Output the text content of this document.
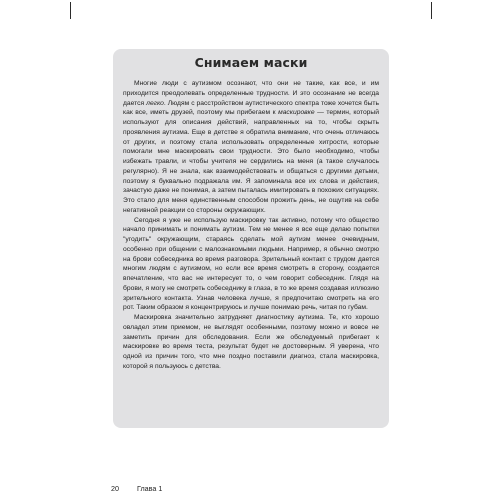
Снимаем маски

Многие люди с аутизмом осознают, что они не такие, как все, и им приходится преодолевать определенные трудности. И это осознание не всегда дается легко. Людям с расстройством аутистического спектра тоже хочется быть как все, иметь друзей, поэтому мы прибегаем к маскировке — термин, который используют для описания действий, направленных на то, чтобы скрыть проявления аутизма. Еще в детстве я обратила внимание, что очень отличаюсь от других, и поэтому стала использовать определенные хитрости, которые помогали мне маскировать свои трудности. Это было необходимо, чтобы избежать травли, и чтобы учителя не сердились на меня (а такое случалось регулярно). Я не знала, как взаимодействовать и общаться с другими детьми, поэтому я буквально подражала им. Я запоминала все их слова и действия, зачастую даже не понимая, а затем пыталась имитировать в похожих ситуациях. Это стало для меня единственным способом прожить день, не ощутив на себе негативной реакции со стороны окружающих.

Сегодня я уже не использую маскировку так активно, потому что общество начало принимать и понимать аутизм. Тем не менее я все еще делаю попытки "угодить" окружающим, стараясь сделать мой аутизм менее очевидным, особенно при общении с малознакомыми людьми. Например, я обычно смотрю на брови собеседника во время разговора. Зрительный контакт с трудом дается многим людям с аутизмом, но если все время смотреть в сторону, создается впечатление, что вас не интересует то, о чем говорит собеседник. Глядя на брови, я могу не смотреть собеседнику в глаза, в то же время создавая иллюзию зрительного контакта. Узнав человека лучше, я предпочитаю смотреть на его рот. Таким образом я концентрируюсь и лучше понимаю речь, читая по губам.

Маскировка значительно затрудняет диагностику аутизма. Те, кто хорошо овладел этим приемом, не выглядят особенными, поэтому можно и вовсе не заметить причин для обследования. Если же обследуемый прибегает к маскировке во время теста, результат будет не достоверным. Я уверена, что одной из причин того, что мне поздно поставили диагноз, стала маскировка, которой я пользуюсь с детства.

20	Глава 1
